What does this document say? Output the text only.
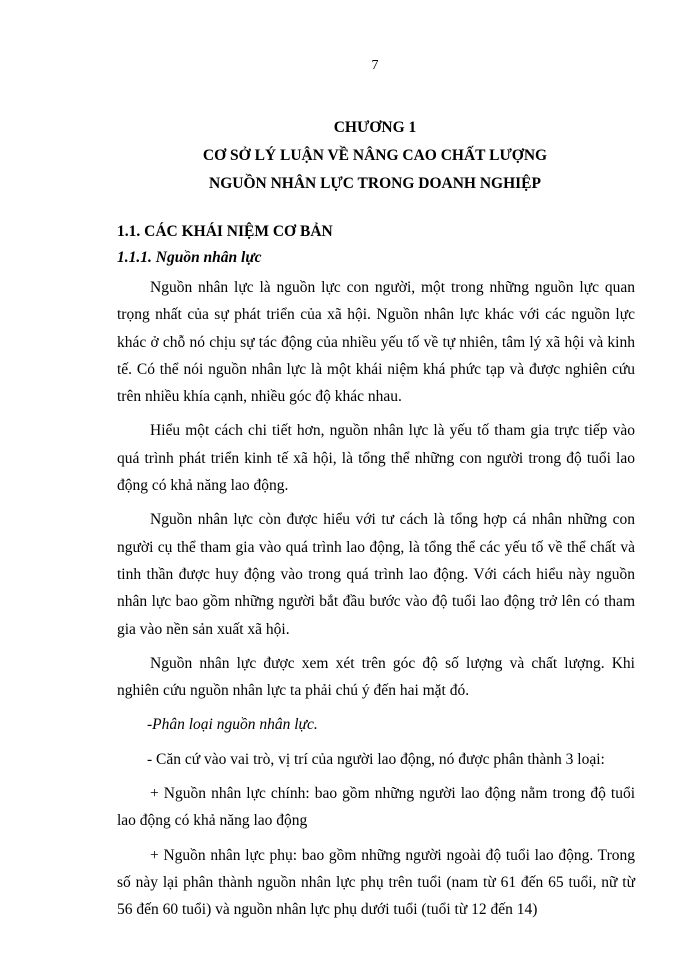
7
CHƯƠNG 1
CƠ SỞ LÝ LUẬN VỀ NÂNG CAO CHẤT LƯỢNG
NGUỒN NHÂN LỰC TRONG DOANH NGHIỆP
1.1. CÁC KHÁI NIỆM CƠ BẢN
1.1.1. Nguồn nhân lực

Nguồn nhân lực là nguồn lực con người, một trong những nguồn lực quan trọng nhất của sự phát triển của xã hội. Nguồn nhân lực khác với các nguồn lực khác ở chỗ nó chịu sự tác động của nhiều yếu tố về tự nhiên, tâm lý xã hội và kinh tế. Có thể nói nguồn nhân lực là một khái niệm khá phức tạp và được nghiên cứu trên nhiều khía cạnh, nhiều góc độ khác nhau.

Hiểu một cách chi tiết hơn, nguồn nhân lực là yếu tố tham gia trực tiếp vào quá trình phát triển kinh tế xã hội, là tổng thể những con người trong độ tuổi lao động có khả năng lao động.

Nguồn nhân lực còn được hiểu với tư cách là tổng hợp cá nhân những con người cụ thể tham gia vào quá trình lao động, là tổng thể các yếu tố về thể chất và tinh thần được huy động vào trong quá trình lao động. Với cách hiểu này nguồn nhân lực bao gồm những người bắt đầu bước vào độ tuổi lao động trở lên có tham gia vào nền sản xuất xã hội.

Nguồn nhân lực được xem xét trên góc độ số lượng và chất lượng. Khi nghiên cứu nguồn nhân lực ta phải chú ý đến hai mặt đó.

-Phân loại nguồn nhân lực.

- Căn cứ vào vai trò, vị trí của người lao động, nó được phân thành 3 loại:

+ Nguồn nhân lực chính: bao gồm những người lao động nằm trong độ tuổi lao động có khả năng lao động

+ Nguồn nhân lực phụ: bao gồm những người ngoài độ tuổi lao động. Trong số này lại phân thành nguồn nhân lực phụ trên tuổi (nam từ 61 đến 65 tuổi, nữ từ 56 đến 60 tuổi) và nguồn nhân lực phụ dưới tuổi (tuổi từ 12 đến 14)
